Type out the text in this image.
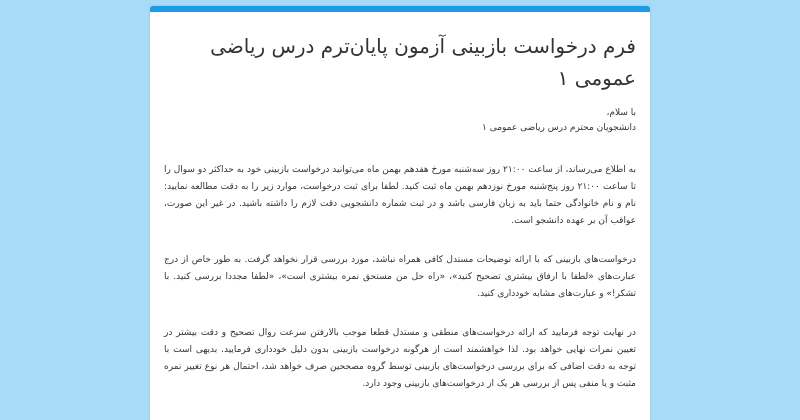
فرم درخواست بازبینی آزمون پایان‌ترم درس ریاضی عمومی ۱

با سلام،

دانشجویان محترم درس ریاضی عمومی ۱

به اطلاع می‌رساند، از ساعت ۲۱:۰۰ روز سه‌شنبه مورخ هفدهم بهمن ماه می‌توانید درخواست بازبینی خود به حداکثر دو سوال را تا ساعت ۲۱:۰۰ روز پنج‌شنبه مورخ نوزدهم بهمن ماه ثبت کنید. لطفا برای ثبت درخواست، موارد زیر را به دقت مطالعه نمایید: نام و نام خانوادگی حتما باید به زبان فارسی باشد و در ثبت شماره دانشجویی دقت لازم را داشته باشید. در غیر این صورت، عواقب آن بر عهده دانشجو است.

درخواست‌های بازبینی که با ارائه توضیحات مستدل کافی همراه نباشد، مورد بررسی قرار نخواهد گرفت. به طور خاص از درج عبارت‌های «لطفا با ارفاق بیشتری تصحیح کنید»، «راه حل من مستحق نمره بیشتری است»، «لطفا مجددا بررسی کنید. با تشکر!» و عبارت‌های مشابه خودداری کنید.

در نهایت توجه فرمایید که ارائه درخواست‌های منطقی و مستدل قطعا موجب بالارفتن سرعت روال تصحیح و دقت بیشتر در تعیین نمرات نهایی خواهد بود. لذا خواهشمند است از هرگونه درخواست بازبینی بدون دلیل خودداری فرمایید. بدیهی است با توجه به دقت اضافی که برای بررسی درخواست‌های بازبینی توسط گروه مصححین صرف خواهد شد، احتمال هر نوع تغییر نمره مثبت و یا منفی پس از بررسی هر یک از درخواست‌های بازبینی وجود دارد.
